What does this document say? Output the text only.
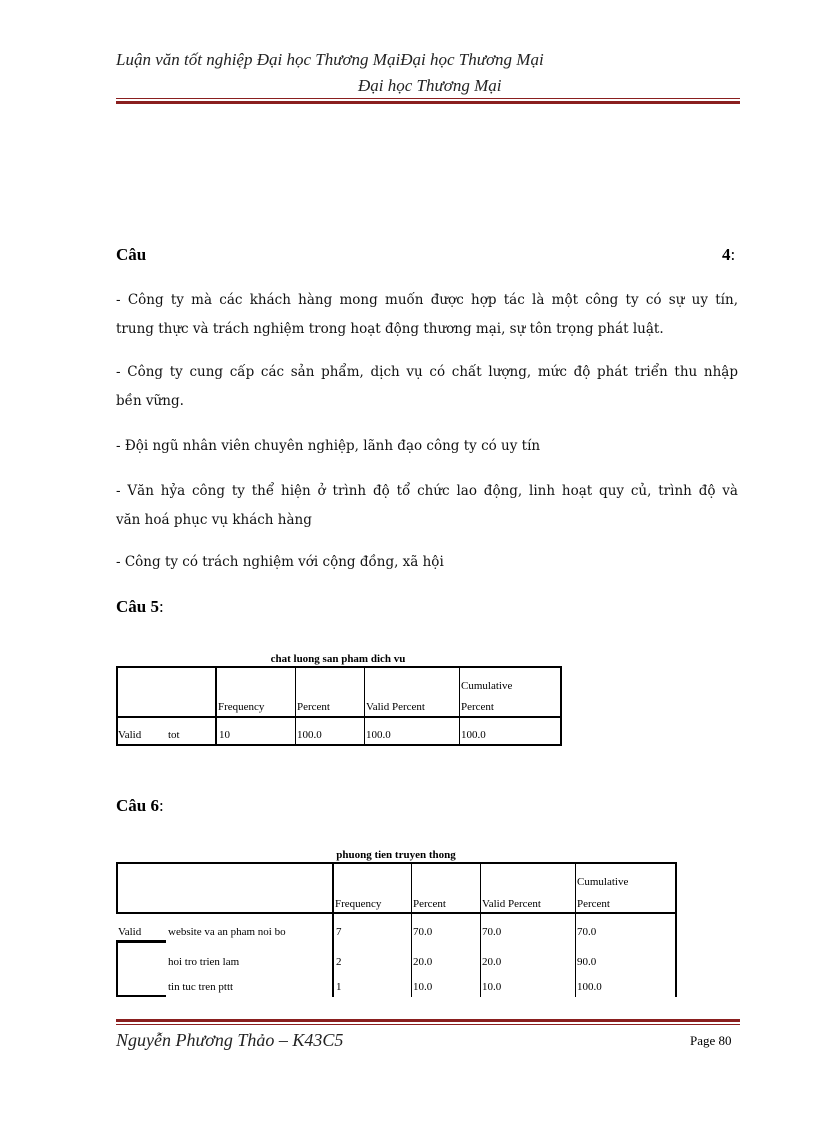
Luận văn tốt nghiệp Đại học Thương MạiĐại học Thương Mại
Đại học Thương Mại
Câu	4:
- Công ty mà các khách hàng mong muốn được hợp tác là một công ty có sự uy tín,
trung thực và trách nghiệm trong hoạt động thương mại, sự tôn trọng phát luật.
- Công ty cung cấp các sản phẩm, dịch vụ có chất lượng, mức độ phát triển thu nhập
bền vững.
- Đội ngũ nhân viên chuyên nghiệp, lãnh đạo công ty có uy tín
- Văn hỷa công ty thể hiện ở trình độ tổ chức lao động, linh hoạt quy củ, trình độ và
văn hoá phục vụ khách hàng
- Công ty có trách nghiệm với cộng đồng, xã hội
Câu 5:
chat luong san pham dich vu
Frequency	Percent	Valid Percent
Cumulative
Percent
Valid tot	10	100.0	100.0	100.0
Câu 6:
phuong tien truyen thong
Frequency	Percent	Valid Percent
Cumulative
Percent
Valid website va an pham noi bo	7	70.0	70.0	70.0
hoi tro trien lam	2	20.0	20.0	90.0
tin tuc tren pttt	1	10.0	10.0	100.0
Nguyễn Phương Thảo – K43C5	Page 80
